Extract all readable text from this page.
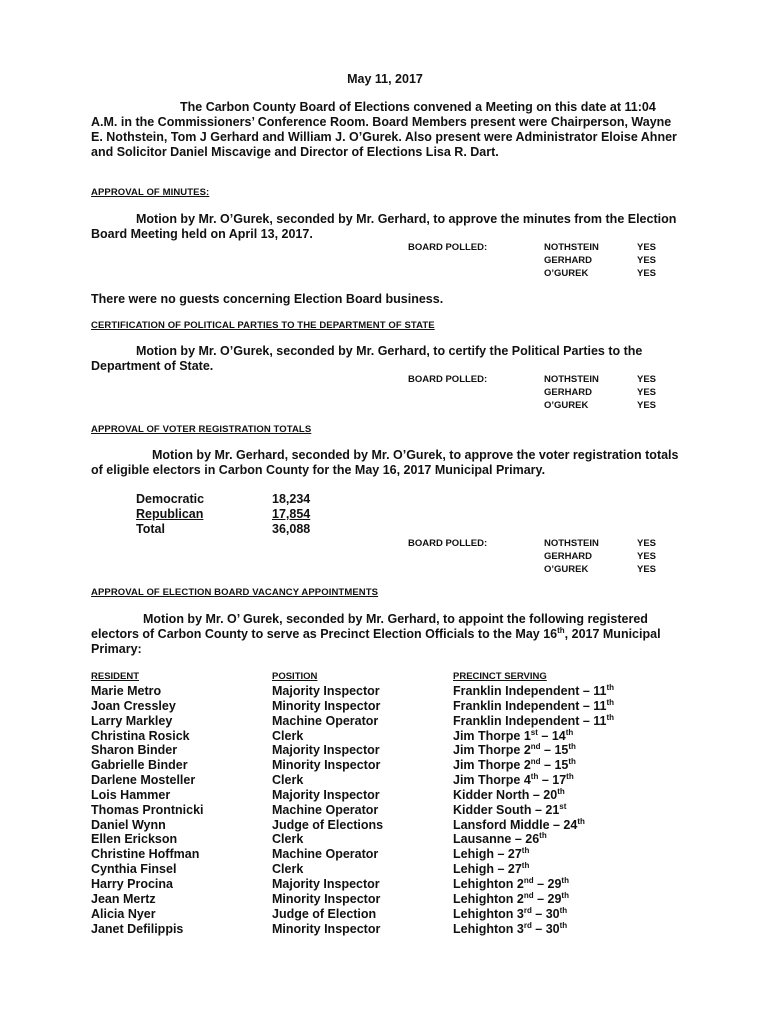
May 11, 2017

The Carbon County Board of Elections convened a Meeting on this date at 11:04 A.M. in the Commissioners’ Conference Room. Board Members present were Chairperson, Wayne E. Nothstein, Tom J Gerhard and William J. O’Gurek. Also present were Administrator Eloise Ahner and Solicitor Daniel Miscavige and Director of Elections Lisa R. Dart.

APPROVAL OF MINUTES:

Motion by Mr. O’Gurek, seconded by Mr. Gerhard, to approve the minutes from the Election Board Meeting held on April 13, 2017.

BOARD POLLED:	NOTHSTEIN	YES
GERHARD	YES
O’GUREK	YES

There were no guests concerning Election Board business.

CERTIFICATION OF POLITICAL PARTIES TO THE DEPARTMENT OF STATE

Motion by Mr. O’Gurek, seconded by Mr. Gerhard, to certify the Political Parties to the Department of State.

BOARD POLLED:	NOTHSTEIN	YES
GERHARD	YES
O’GUREK	YES
APPROVAL OF VOTER REGISTRATION TOTALS

Motion by Mr. Gerhard, seconded by Mr. O’Gurek, to approve the voter registration totals of eligible electors in Carbon County for the May 16, 2017 Municipal Primary.

Democratic	18,234
Republican	17,854
Total	36,088
BOARD POLLED:	NOTHSTEIN	YES
GERHARD	YES
O’GUREK	YES
APPROVAL OF ELECTION BOARD VACANCY APPOINTMENTS

Motion by Mr. O’ Gurek, seconded by Mr. Gerhard, to appoint the following registered electors of Carbon County to serve as Precinct Election Officials to the May 16th, 2017 Municipal Primary:

RESIDENT	POSITION	PRECINCT SERVING
Marie Metro	Majority Inspector	Franklin Independent – 11th
Joan Cressley	Minority Inspector	Franklin Independent – 11th
Larry Markley	Machine Operator	Franklin Independent – 11th
Christina Rosick	Clerk	Jim Thorpe 1st – 14th
Sharon Binder	Majority Inspector	Jim Thorpe 2nd – 15th
Gabrielle Binder	Minority Inspector	Jim Thorpe 2nd – 15th
Darlene Mosteller	Clerk	Jim Thorpe 4th – 17th
Lois Hammer	Majority Inspector	Kidder North – 20th
Thomas Prontnicki	Machine Operator	Kidder South – 21st
Daniel Wynn	Judge of Elections	Lansford Middle – 24th
Ellen Erickson	Clerk	Lausanne – 26th
Christine Hoffman	Machine Operator	Lehigh – 27th
Cynthia Finsel	Clerk	Lehigh – 27th
Harry Procina	Majority Inspector	Lehighton 2nd – 29th
Jean Mertz	Minority Inspector	Lehighton 2nd – 29th
Alicia Nyer	Judge of Election	Lehighton 3rd – 30th
Janet Defilippis	Minority Inspector	Lehighton 3rd – 30th
